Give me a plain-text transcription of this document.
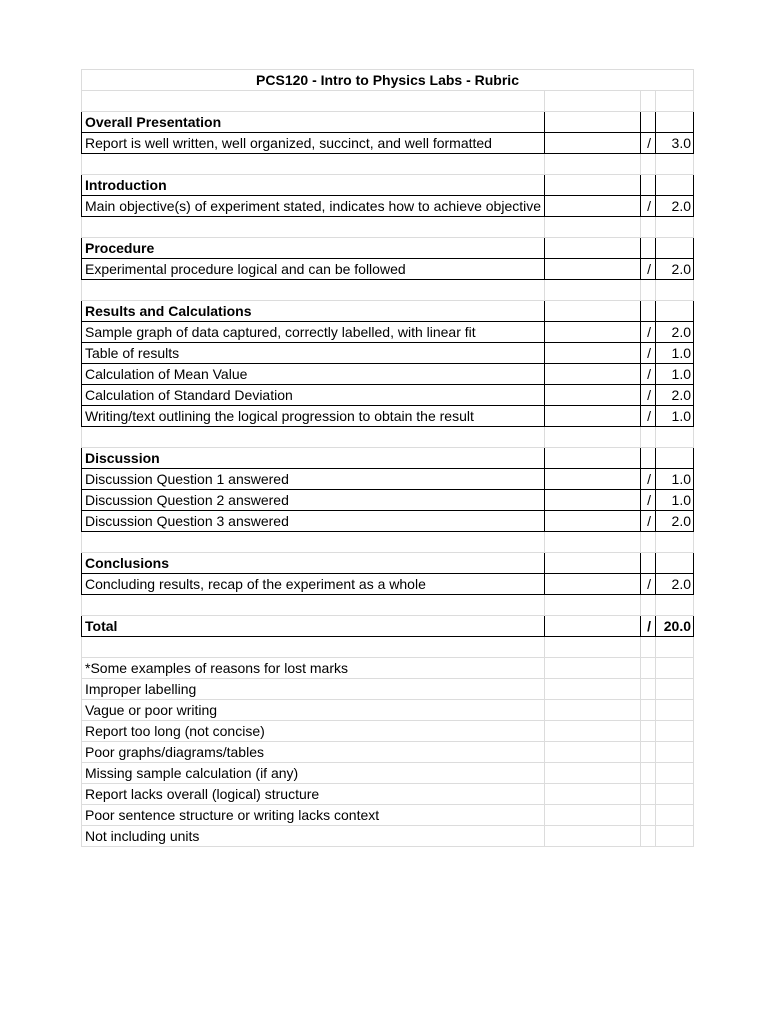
PCS120 - Intro to Physics Labs - Rubric			

Overall Presentation			
Report is well written, well organized, succinct, and well formatted		/	3.0

Introduction			
Main objective(s) of experiment stated, indicates how to achieve objective		/	2.0

Procedure			
Experimental procedure logical and can be followed		/	2.0

Results and Calculations			
Sample graph of data captured, correctly labelled, with linear fit		/	2.0
Table of results		/	1.0
Calculation of Mean Value		/	1.0
Calculation of Standard Deviation		/	2.0
Writing/text outlining the logical progression to obtain the result		/	1.0

Discussion			
Discussion Question 1 answered		/	1.0
Discussion Question 2 answered		/	1.0
Discussion Question 3 answered		/	2.0

Conclusions			
Concluding results, recap of the experiment as a whole		/	2.0

Total		/	20.0

*Some examples of reasons for lost marks			
Improper labelling			
Vague or poor writing			
Report too long (not concise)			
Poor graphs/diagrams/tables			
Missing sample calculation (if any)			
Report lacks overall (logical) structure			
Poor sentence structure or writing lacks context			
Not including units			
